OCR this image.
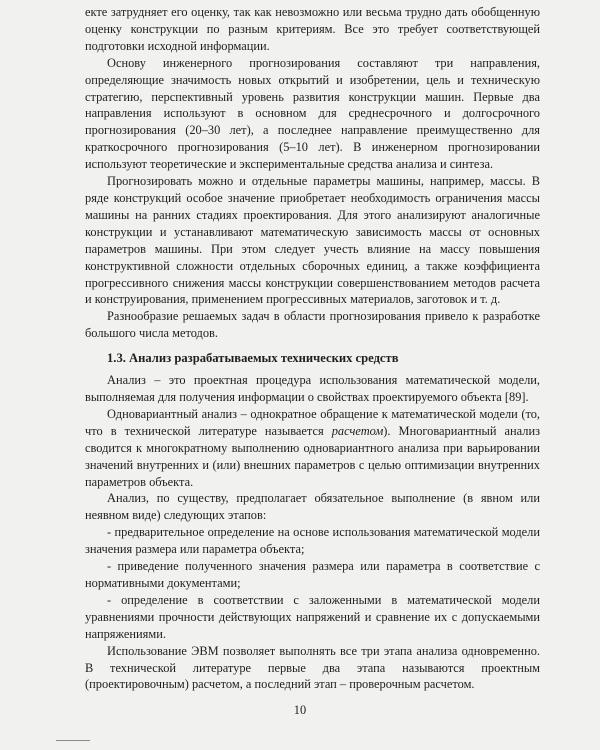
екте затрудняет его оценку, так как невозможно или весьма трудно дать обобщенную оценку конструкции по разным критериям. Все это требует соответствующей подготовки исходной информации.

Основу инженерного прогнозирования составляют три направления, определяющие значимость новых открытий и изобретении, цель и техническую стратегию, перспективный уровень развития конструкции машин. Первые два направления используют в основном для среднесрочного и долгосрочного прогнозирования (20–30 лет), а последнее направление преимущественно для краткосрочного прогнозирования (5–10 лет). В инженерном прогнозировании используют теоретические и экспериментальные средства анализа и синтеза.

Прогнозировать можно и отдельные параметры машины, например, массы. В ряде конструкций особое значение приобретает необходимость ограничения массы машины на ранних стадиях проектирования. Для этого анализируют аналогичные конструкции и устанавливают математическую зависимость массы от основных параметров машины. При этом следует учесть влияние на массу повышения конструктивной сложности отдельных сборочных единиц, а также коэффициента прогрессивного снижения массы конструкции совершенствованием методов расчета и конструирования, применением прогрессивных материалов, заготовок и т. д.

Разнообразие решаемых задач в области прогнозирования привело к разработке большого числа методов.

1.3. Анализ разрабатываемых технических средств

Анализ – это проектная процедура использования математической модели, выполняемая для получения информации о свойствах проектируемого объекта [89].

Одновариантный анализ – однократное обращение к математической модели (то, что в технической литературе называется расчетом). Многовариантный анализ сводится к многократному выполнению одновариантного анализа при варьировании значений внутренних и (или) внешних параметров с целью оптимизации внутренних параметров объекта.

Анализ, по существу, предполагает обязательное выполнение (в явном или неявном виде) следующих этапов:

- предварительное определение на основе использования математической модели значения размера или параметра объекта;

- приведение полученного значения размера или параметра в соответствие с нормативными документами;

- определение в соответствии с заложенными в математической модели уравнениями прочности действующих напряжений и сравнение их с допускаемыми напряжениями.

Использование ЭВМ позволяет выполнять все три этапа анализа одновременно. В технической литературе первые два этапа называются проектным (проектировочным) расчетом, а последний этап – проверочным расчетом.

10
